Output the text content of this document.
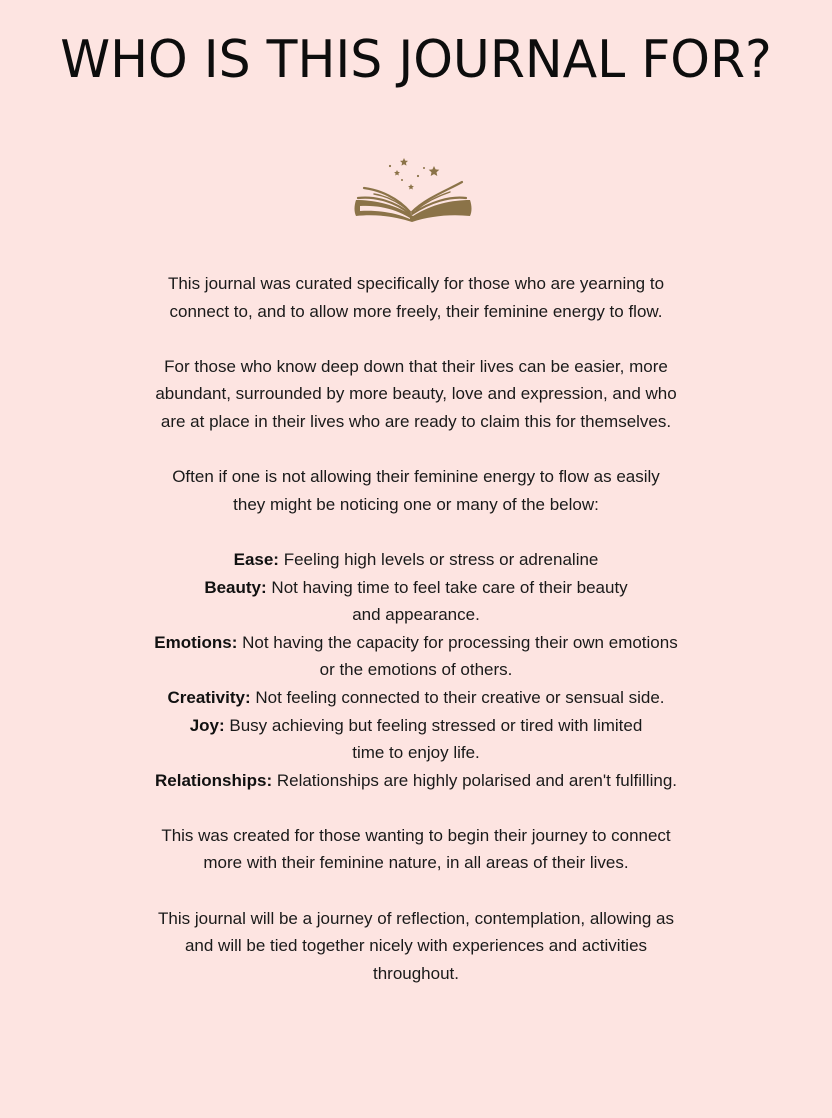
WHO IS THIS JOURNAL FOR?

This journal was curated specifically for those who are yearning to
connect to, and to allow more freely, their feminine energy to flow.

For those who know deep down that their lives can be easier, more
abundant, surrounded by more beauty, love and expression, and who
are at place in their lives who are ready to claim this for themselves.

Often if one is not allowing their feminine energy to flow as easily
they might be noticing one or many of the below:

Ease: Feeling high levels or stress or adrenaline
Beauty: Not having time to feel take care of their beauty
and appearance.
Emotions: Not having the capacity for processing their own emotions
or the emotions of others.
Creativity: Not feeling connected to their creative or sensual side.
Joy: Busy achieving but feeling stressed or tired with limited
time to enjoy life.
Relationships: Relationships are highly polarised and aren't fulfilling.

This was created for those wanting to begin their journey to connect
more with their feminine nature, in all areas of their lives.

This journal will be a journey of reflection, contemplation, allowing as
and will be tied together nicely with experiences and activities
throughout.
